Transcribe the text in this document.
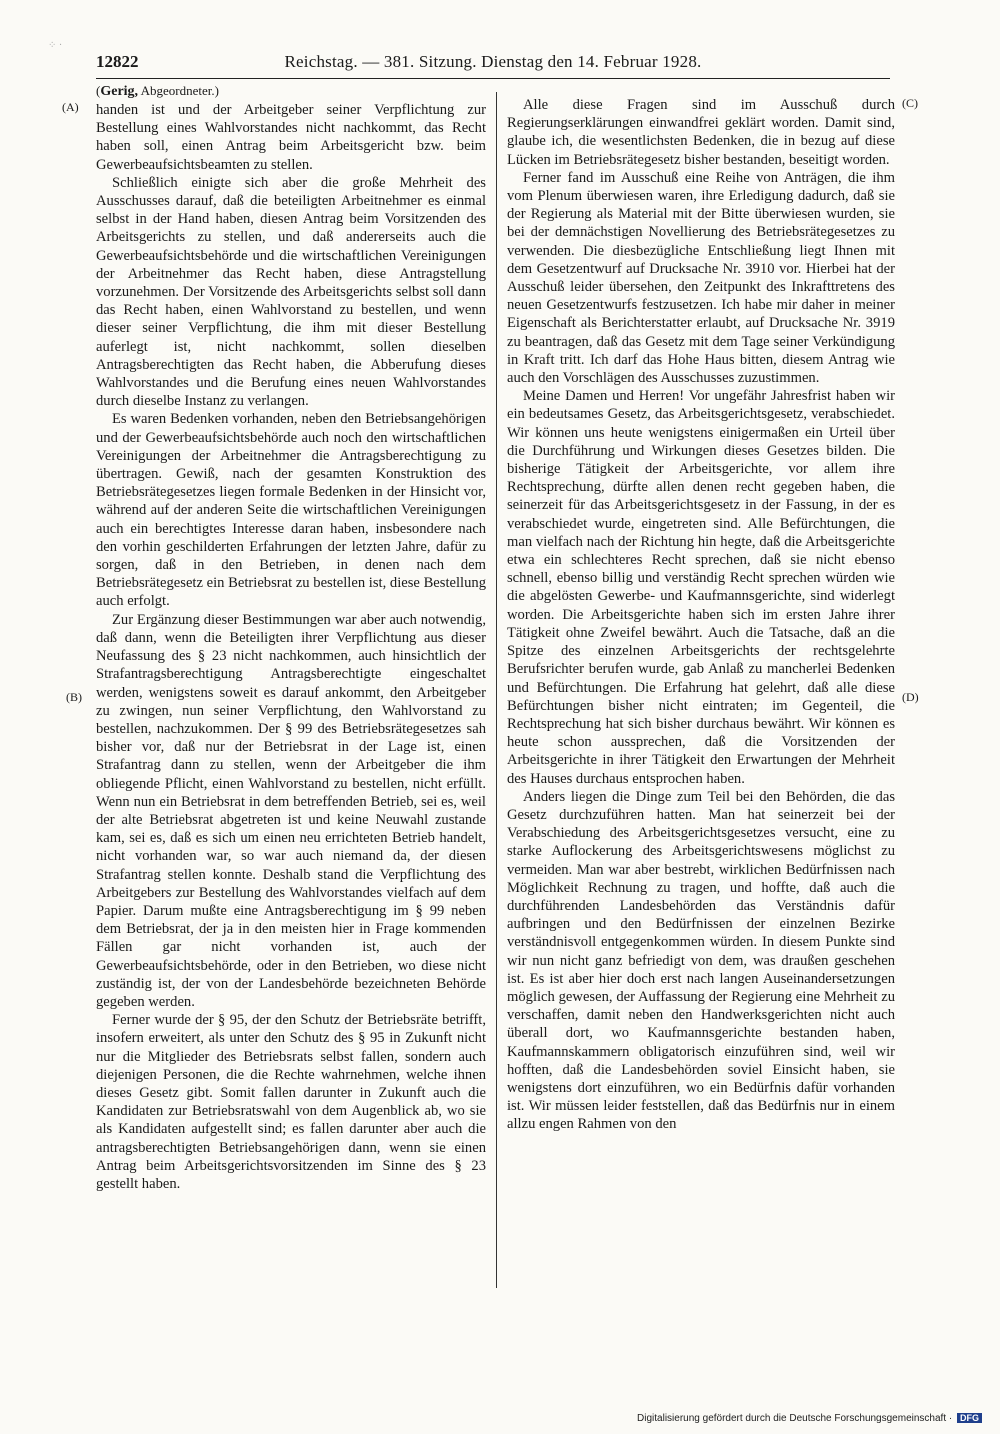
⁘ ·
12822	Reichstag. — 381. Sitzung. Dienstag den 14. Februar 1928.
(A)
(B)
(C)
(D)

(Gerig, Abgeordneter.)

handen ist und der Arbeitgeber seiner Verpflichtung zur Bestellung eines Wahlvorstandes nicht nachkommt, das Recht haben soll, einen Antrag beim Arbeitsgericht bzw. beim Gewerbeaufsichtsbeamten zu stellen.

Schließlich einigte sich aber die große Mehrheit des Ausschusses darauf, daß die beteiligten Arbeitnehmer es einmal selbst in der Hand haben, diesen Antrag beim Vorsitzenden des Arbeitsgerichts zu stellen, und daß andererseits auch die Gewerbeaufsichtsbehörde und die wirtschaftlichen Vereinigungen der Arbeitnehmer das Recht haben, diese Antragstellung vorzunehmen. Der Vorsitzende des Arbeitsgerichts selbst soll dann das Recht haben, einen Wahlvorstand zu bestellen, und wenn dieser seiner Verpflichtung, die ihm mit dieser Bestellung auferlegt ist, nicht nachkommt, sollen dieselben Antragsberechtigten das Recht haben, die Abberufung dieses Wahlvorstandes und die Berufung eines neuen Wahlvorstandes durch dieselbe Instanz zu verlangen.

Es waren Bedenken vorhanden, neben den Betriebsangehörigen und der Gewerbeaufsichtsbehörde auch noch den wirtschaftlichen Vereinigungen der Arbeitnehmer die Antragsberechtigung zu übertragen. Gewiß, nach der gesamten Konstruktion des Betriebsrätegesetzes liegen formale Bedenken in der Hinsicht vor, während auf der anderen Seite die wirtschaftlichen Vereinigungen auch ein berechtigtes Interesse daran haben, insbesondere nach den vorhin geschilderten Erfahrungen der letzten Jahre, dafür zu sorgen, daß in den Betrieben, in denen nach dem Betriebsrätegesetz ein Betriebsrat zu bestellen ist, diese Bestellung auch erfolgt.

Zur Ergänzung dieser Bestimmungen war aber auch notwendig, daß dann, wenn die Beteiligten ihrer Verpflichtung aus dieser Neufassung des § 23 nicht nachkommen, auch hinsichtlich der Strafantragsberechtigung Antragsberechtigte eingeschaltet werden, wenigstens soweit es darauf ankommt, den Arbeitgeber zu zwingen, nun seiner Verpflichtung, den Wahlvorstand zu bestellen, nachzukommen. Der § 99 des Betriebsrätegesetzes sah bisher vor, daß nur der Betriebsrat in der Lage ist, einen Strafantrag dann zu stellen, wenn der Arbeitgeber die ihm obliegende Pflicht, einen Wahlvorstand zu bestellen, nicht erfüllt. Wenn nun ein Betriebsrat in dem betreffenden Betrieb, sei es, weil der alte Betriebsrat abgetreten ist und keine Neuwahl zustande kam, sei es, daß es sich um einen neu errichteten Betrieb handelt, nicht vorhanden war, so war auch niemand da, der diesen Strafantrag stellen konnte. Deshalb stand die Verpflichtung des Arbeitgebers zur Bestellung des Wahlvorstandes vielfach auf dem Papier. Darum mußte eine Antragsberechtigung im § 99 neben dem Betriebsrat, der ja in den meisten hier in Frage kommenden Fällen gar nicht vorhanden ist, auch der Gewerbeaufsichtsbehörde, oder in den Betrieben, wo diese nicht zuständig ist, der von der Landesbehörde bezeichneten Behörde gegeben werden.

Ferner wurde der § 95, der den Schutz der Betriebsräte betrifft, insofern erweitert, als unter den Schutz des § 95 in Zukunft nicht nur die Mitglieder des Betriebsrats selbst fallen, sondern auch diejenigen Personen, die die Rechte wahrnehmen, welche ihnen dieses Gesetz gibt. Somit fallen darunter in Zukunft auch die Kandidaten zur Betriebsratswahl von dem Augenblick ab, wo sie als Kandidaten aufgestellt sind; es fallen darunter aber auch die antragsberechtigten Betriebsangehörigen dann, wenn sie einen Antrag beim Arbeitsgerichtsvorsitzenden im Sinne des § 23 gestellt haben.

Alle diese Fragen sind im Ausschuß durch Regierungserklärungen einwandfrei geklärt worden. Damit sind, glaube ich, die wesentlichsten Bedenken, die in bezug auf diese Lücken im Betriebsrätegesetz bisher bestanden, beseitigt worden.

Ferner fand im Ausschuß eine Reihe von Anträgen, die ihm vom Plenum überwiesen waren, ihre Erledigung dadurch, daß sie der Regierung als Material mit der Bitte überwiesen wurden, sie bei der demnächstigen Novellierung des Betriebsrätegesetzes zu verwenden. Die diesbezügliche Entschließung liegt Ihnen mit dem Gesetzentwurf auf Drucksache Nr. 3910 vor. Hierbei hat der Ausschuß leider übersehen, den Zeitpunkt des Inkrafttretens des neuen Gesetzentwurfs festzusetzen. Ich habe mir daher in meiner Eigenschaft als Berichterstatter erlaubt, auf Drucksache Nr. 3919 zu beantragen, daß das Gesetz mit dem Tage seiner Verkündigung in Kraft tritt. Ich darf das Hohe Haus bitten, diesem Antrag wie auch den Vorschlägen des Ausschusses zuzustimmen.

Meine Damen und Herren! Vor ungefähr Jahresfrist haben wir ein bedeutsames Gesetz, das Arbeitsgerichtsgesetz, verabschiedet. Wir können uns heute wenigstens einigermaßen ein Urteil über die Durchführung und Wirkungen dieses Gesetzes bilden. Die bisherige Tätigkeit der Arbeitsgerichte, vor allem ihre Rechtsprechung, dürfte allen denen recht gegeben haben, die seinerzeit für das Arbeitsgerichtsgesetz in der Fassung, in der es verabschiedet wurde, eingetreten sind. Alle Befürchtungen, die man vielfach nach der Richtung hin hegte, daß die Arbeitsgerichte etwa ein schlechteres Recht sprechen, daß sie nicht ebenso schnell, ebenso billig und verständig Recht sprechen würden wie die abgelösten Gewerbe- und Kaufmannsgerichte, sind widerlegt worden. Die Arbeitsgerichte haben sich im ersten Jahre ihrer Tätigkeit ohne Zweifel bewährt. Auch die Tatsache, daß an die Spitze des einzelnen Arbeitsgerichts der rechtsgelehrte Berufsrichter berufen wurde, gab Anlaß zu mancherlei Bedenken und Befürchtungen. Die Erfahrung hat gelehrt, daß alle diese Befürchtungen bisher nicht eintraten; im Gegenteil, die Rechtsprechung hat sich bisher durchaus bewährt. Wir können es heute schon aussprechen, daß die Vorsitzenden der Arbeitsgerichte in ihrer Tätigkeit den Erwartungen der Mehrheit des Hauses durchaus entsprochen haben.

Anders liegen die Dinge zum Teil bei den Behörden, die das Gesetz durchzuführen hatten. Man hat seinerzeit bei der Verabschiedung des Arbeitsgerichtsgesetzes versucht, eine zu starke Auflockerung des Arbeitsgerichtswesens möglichst zu vermeiden. Man war aber bestrebt, wirklichen Bedürfnissen nach Möglichkeit Rechnung zu tragen, und hoffte, daß auch die durchführenden Landesbehörden das Verständnis dafür aufbringen und den Bedürfnissen der einzelnen Bezirke verständnisvoll entgegenkommen würden. In diesem Punkte sind wir nun nicht ganz befriedigt von dem, was draußen geschehen ist. Es ist aber hier doch erst nach langen Auseinandersetzungen möglich gewesen, der Auffassung der Regierung eine Mehrheit zu verschaffen, damit neben den Handwerksgerichten nicht auch überall dort, wo Kaufmannsgerichte bestanden haben, Kaufmannskammern obligatorisch einzuführen sind, weil wir hofften, daß die Landesbehörden soviel Einsicht haben, sie wenigstens dort einzuführen, wo ein Bedürfnis dafür vorhanden ist. Wir müssen leider feststellen, daß das Bedürfnis nur in einem allzu engen Rahmen von den

Digitalisierung gefördert durch die Deutsche Forschungsgemeinschaft · DFG
